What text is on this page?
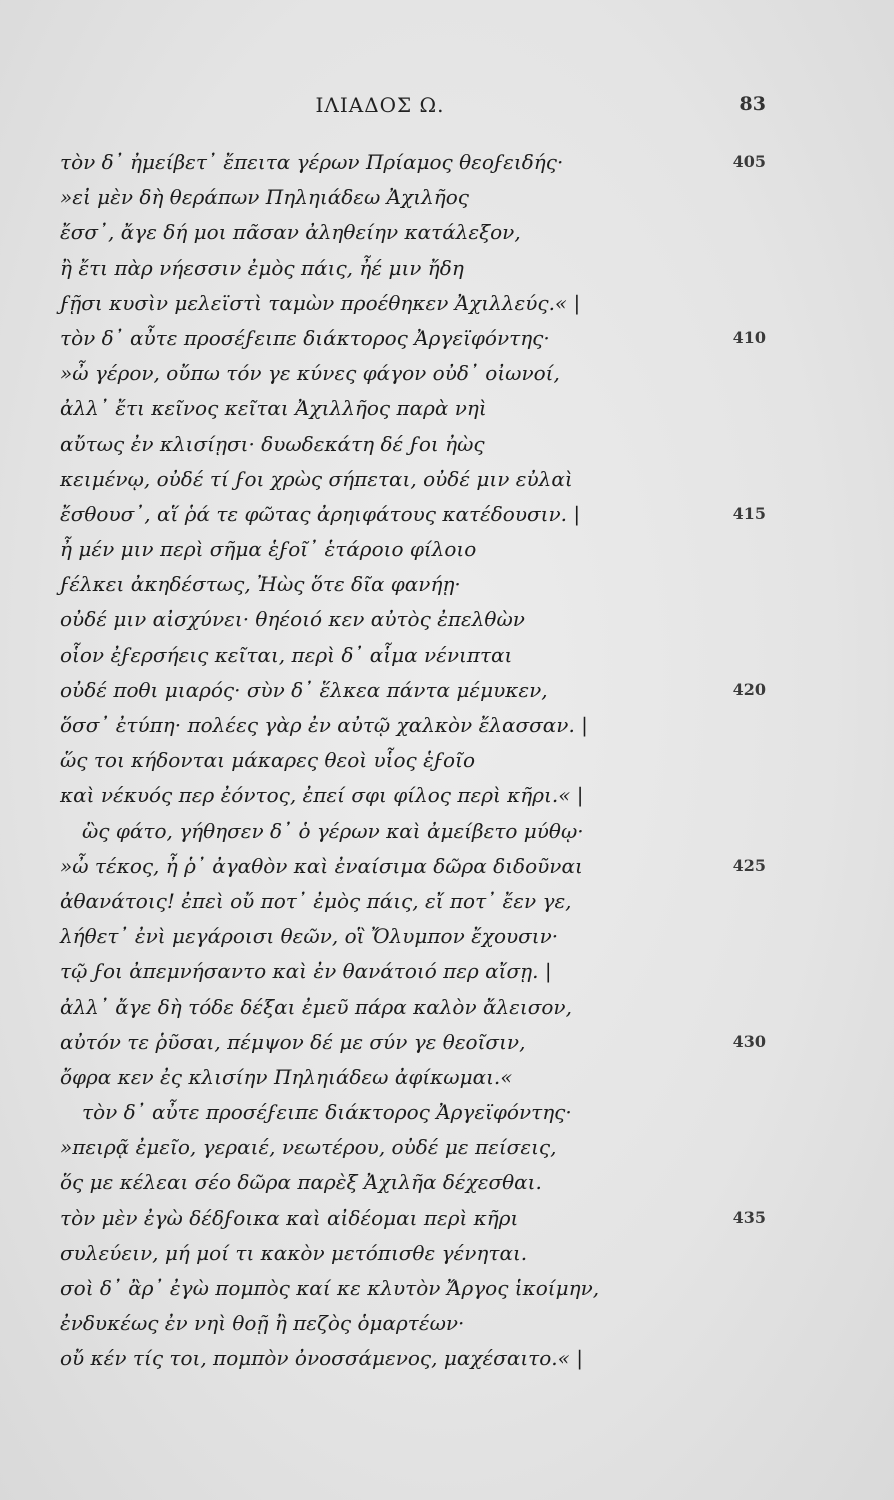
ΙΛΙΑΔΟΣ Ω.	83
τὸν δ᾽ ἠμείβετ᾽ ἔπειτα γέρων Πρίαμος θεοϝειδής·	405
»εἰ μὲν δὴ θεράπων Πηληιάδεω Ἀχιλῆος
ἔσσ᾽, ἄγε δή μοι πᾶσαν ἀληθείην κατάλεξον,
ἢ ἔτι πὰρ νήεσσιν ἐμὸς πάις, ἦέ μιν ἤδη
ϝῇσι κυσὶν μελεϊστὶ ταμὼν προέθηκεν Ἀχιλλεύς.« |
τὸν δ᾽ αὖτε προσέϝειπε διάκτορος Ἀργεϊφόντης·	410
»ὦ γέρον, οὔπω τόν γε κύνες φάγον οὐδ᾽ οἰωνοί,
ἀλλ᾽ ἔτι κεῖνος κεῖται Ἀχιλλῆος παρὰ νηὶ
αὔτως ἐν κλισίῃσι· δυωδεκάτη δέ ϝοι ἠὼς
κειμένῳ, οὐδέ τί ϝοι χρὼς σήπεται, οὐδέ μιν εὐλαὶ
ἔσθουσ᾽, αἵ ῥά τε φῶτας ἀρηιφάτους κατέδουσιν. |	415
ἦ μέν μιν περὶ σῆμα ἑϝοῖ᾽ ἑτάροιο φίλοιο
ϝέλκει ἀκηδέστως, Ἠὼς ὅτε δῖα φανήῃ·
οὐδέ μιν αἰσχύνει· θηέοιό κεν αὐτὸς ἐπελθὼν
οἷον ἐϝερσήεις κεῖται, περὶ δ᾽ αἷμα νένιπται
οὐδέ ποθι μιαρός· σὺν δ᾽ ἕλκεα πάντα μέμυκεν,	420
ὅσσ᾽ ἐτύπη· πολέες γὰρ ἐν αὐτῷ χαλκὸν ἔλασσαν. |
ὥς τοι κήδονται μάκαρες θεοὶ υἷος ἑϝοῖο
καὶ νέκυός περ ἐόντος, ἐπεί σφι φίλος περὶ κῆρι.« |
ὣς φάτο, γήθησεν δ᾽ ὁ γέρων καὶ ἀμείβετο μύθῳ·
»ὦ τέκος, ἦ ῥ᾽ ἀγαθὸν καὶ ἐναίσιμα δῶρα διδοῦναι	425
ἀθανάτοις! ἐπεὶ οὔ ποτ᾽ ἐμὸς πάις, εἴ ποτ᾽ ἔεν γε,
λήθετ᾽ ἐνὶ μεγάροισι θεῶν, οἳ Ὄλυμπον ἔχουσιν·
τῷ ϝοι ἀπεμνήσαντο καὶ ἐν θανάτοιό περ αἴσῃ. |
ἀλλ᾽ ἄγε δὴ τόδε δέξαι ἐμεῦ πάρα καλὸν ἄλεισον,
αὐτόν τε ῥῦσαι, πέμψον δέ με σύν γε θεοῖσιν,	430
ὄφρα κεν ἐς κλισίην Πηληιάδεω ἀφίκωμαι.«
τὸν δ᾽ αὖτε προσέϝειπε διάκτορος Ἀργεϊφόντης·
»πειρᾷ ἐμεῖο, γεραιέ, νεωτέρου, οὐδέ με πείσεις,
ὅς με κέλεαι σέο δῶρα παρὲξ Ἀχιλῆα δέχεσθαι.
τὸν μὲν ἐγὼ δέδϝοικα καὶ αἰδέομαι περὶ κῆρι	435
συλεύειν, μή μοί τι κακὸν μετόπισθε γένηται.
σοὶ δ᾽ ἂρ᾽ ἐγὼ πομπὸς καί κε κλυτὸν Ἄργος ἱκοίμην,
ἐνδυκέως ἐν νηὶ θοῇ ἢ πεζὸς ὁμαρτέων·
οὔ κέν τίς τοι, πομπὸν ὀνοσσάμενος, μαχέσαιτο.« |
